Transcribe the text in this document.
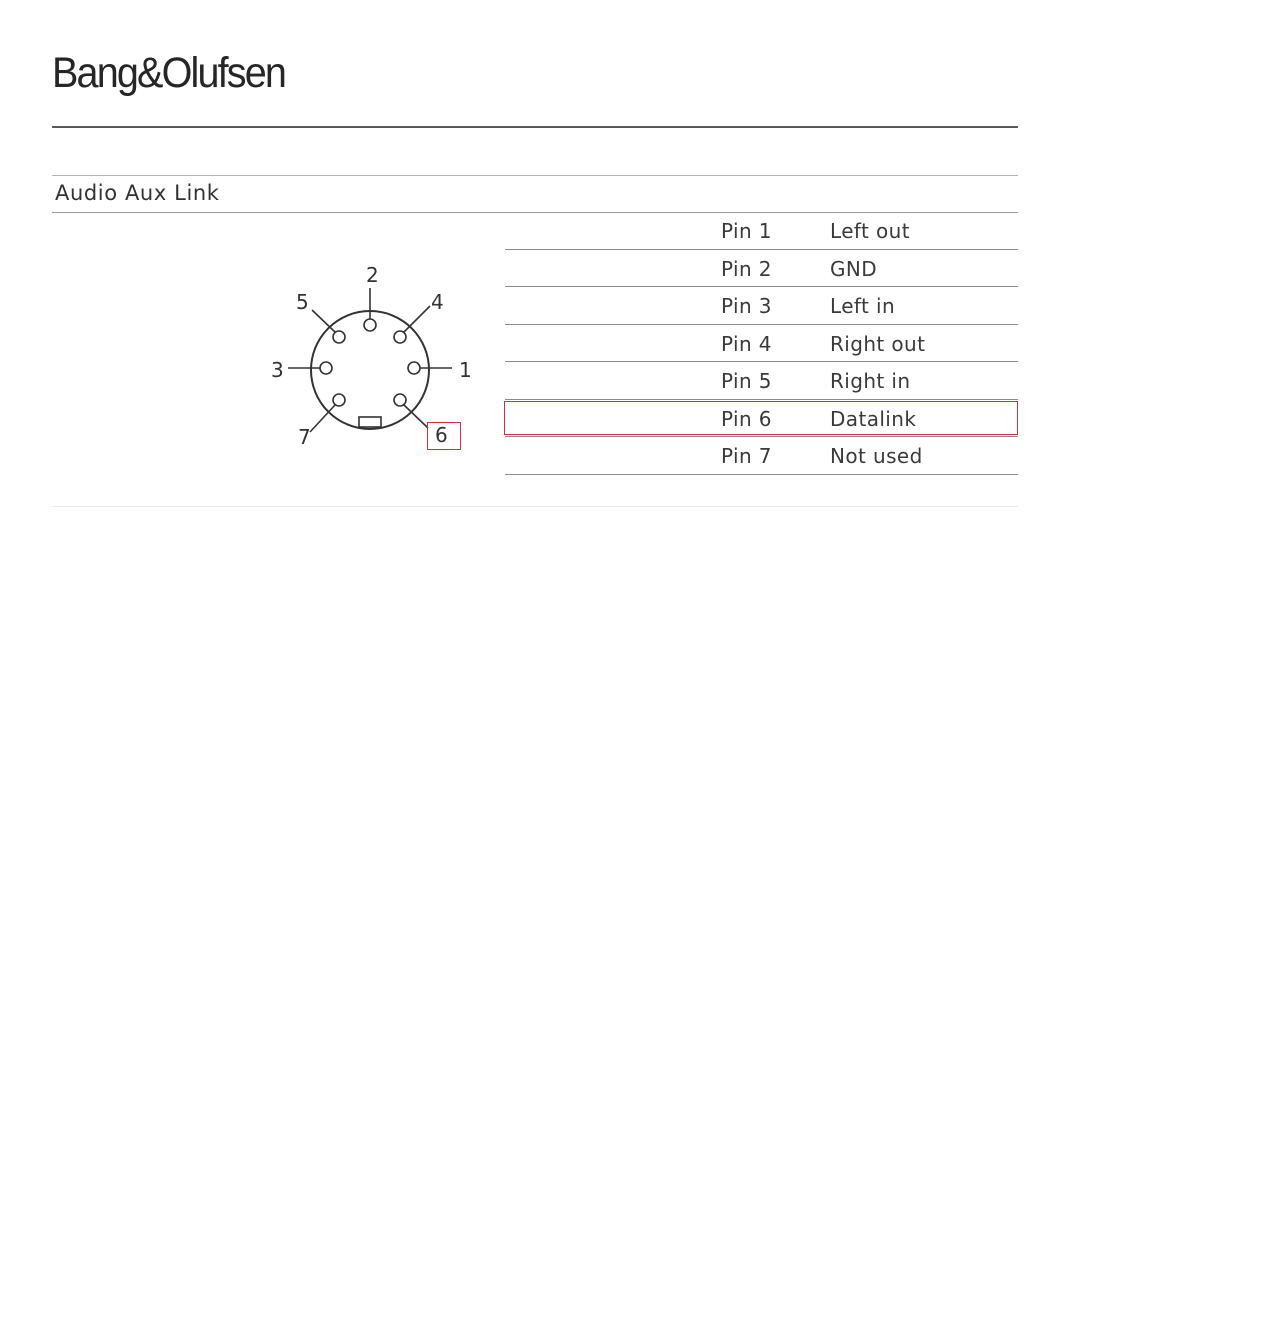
Bang&Olufsen
Audio Aux Link
2
4
5
3	1
7	6
Pin 1	Left out
Pin 2	GND
Pin 3	Left in
Pin 4	Right out
Pin 5	Right in
Pin 6	Datalink
Pin 7	Not used
